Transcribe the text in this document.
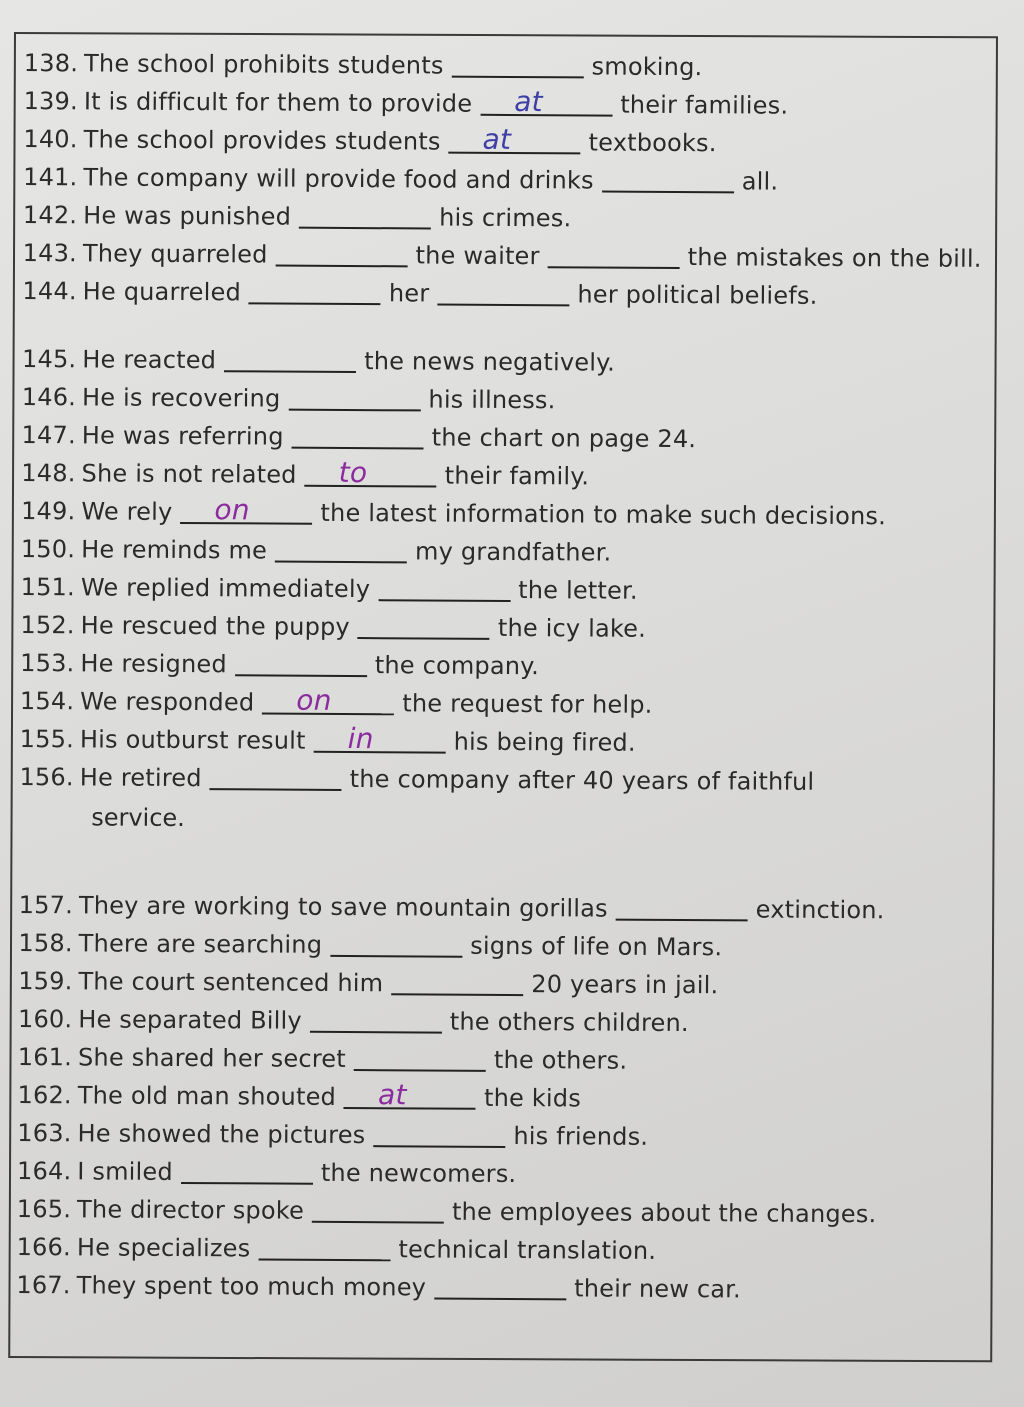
138. The school prohibits students	smoking.
139. It is difficult for them to provide at	their families.
140. The school provides students at	textbooks.
141. The company will provide food and drinks	all.
142. He was punished	his crimes.
143. They quarreled	the waiter	the mistakes on the bill.
144. He quarreled	her	her political beliefs.
145. He reacted	the news negatively.
146. He is recovering	his illness.
147. He was referring	the chart on page 24.
148. She is not related to	their family.
149. We rely on	the latest information to make such decisions.
150. He reminds me	my grandfather.
151. We replied immediately	the letter.
152. He rescued the puppy	the icy lake.
153. He resigned	the company.
154. We responded on	the request for help.
155. His outburst result in	his being fired.
156. He retired	the company after 40 years of faithful
service.
157. They are working to save mountain gorillas	extinction.
158. There are searching	signs of life on Mars.
159. The court sentenced him	20 years in jail.
160. He separated Billy	the others children.
161. She shared her secret	the others.
162. The old man shouted at	the kids
163. He showed the pictures	his friends.
164. I smiled	the newcomers.
165. The director spoke	the employees about the changes.
166. He specializes	technical translation.
167. They spent too much money	their new car.
